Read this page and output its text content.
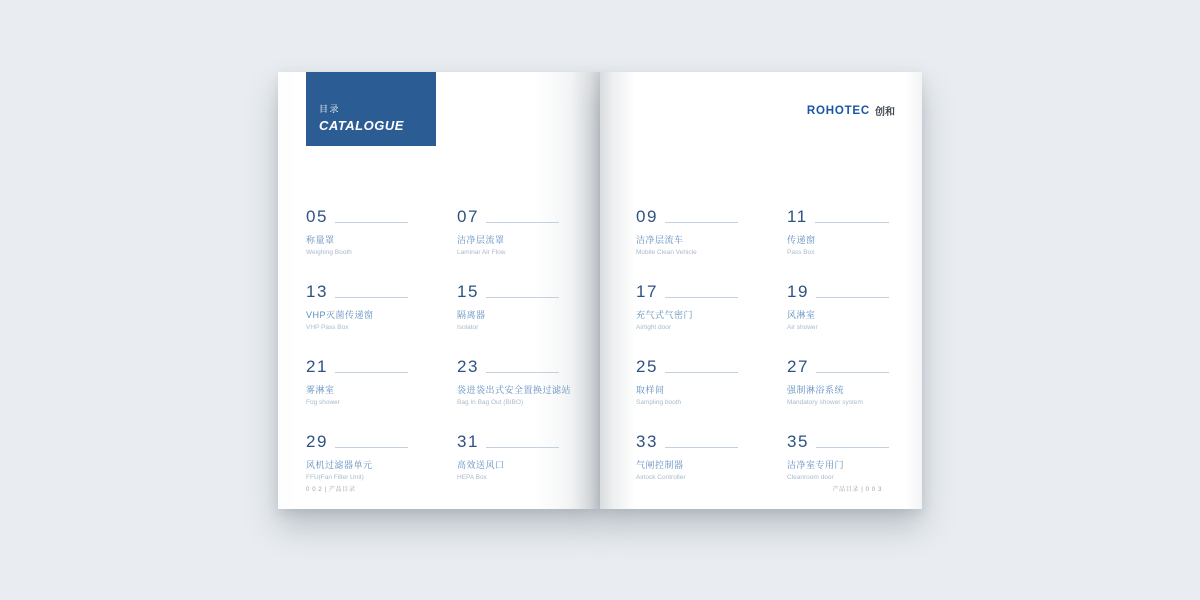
目录
CATALOGUE
05
称量罩
Weighing Booth
07
洁净层流罩
Laminar Air Flow
13
VHP灭菌传递窗
VHP Pass Box
15
隔离器
Isolator
21
雾淋室
Fog shower
23
袋进袋出式安全置换过滤站
Bag In Bag Out (BIBO)
29
风机过滤器单元
FFU(Fan Filter Unit)
31
高效送风口
HEPA Box
0 0 2 | 产品目录
ROHOTEC 创和
09
洁净层流车
Mobile Clean Vehicle
11
传递窗
Pass Box
17
充气式气密门
Airtight door
19
风淋室
Air shower
25
取样间
Sampling booth
27
强制淋浴系统
Mandatory shower system
33
气闸控制器
Airlock Controller
35
洁净室专用门
Cleanroom door
产品目录 | 0 0 3
